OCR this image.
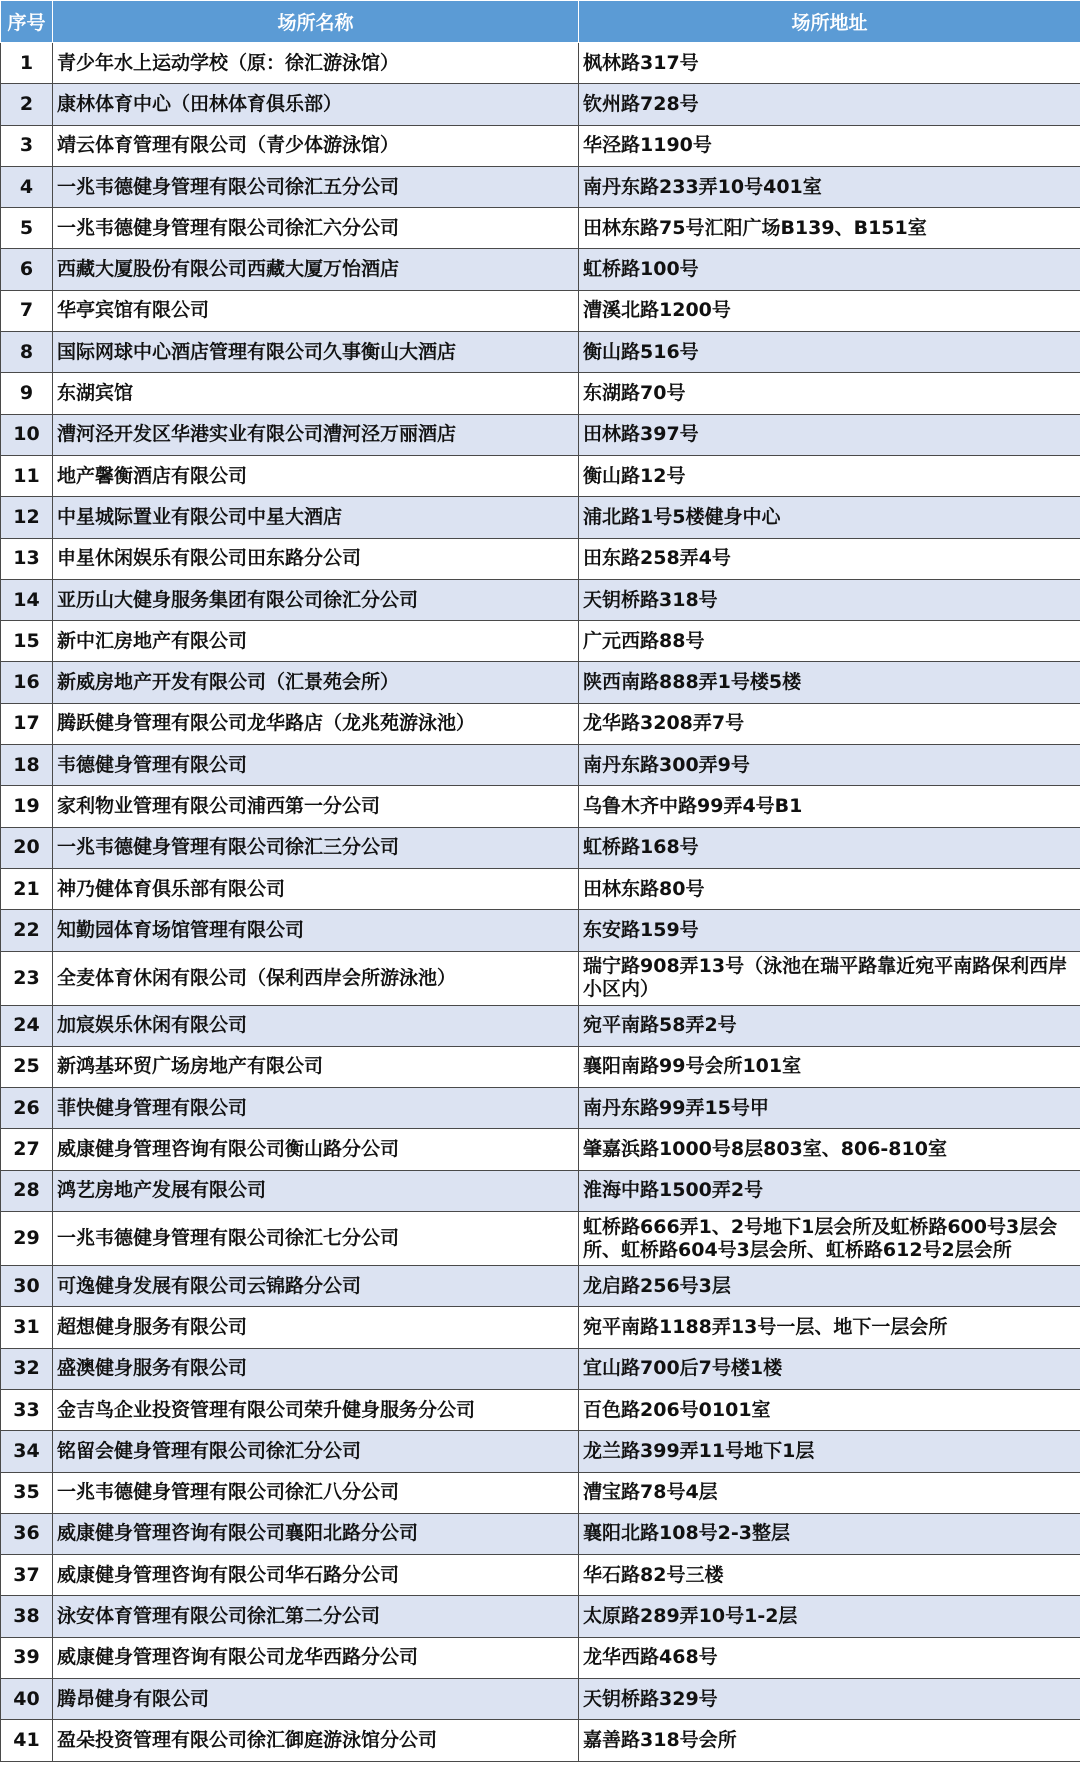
序号	场所名称	场所地址
1	青少年水上运动学校（原：徐汇游泳馆）	枫林路317号
2	康林体育中心（田林体育俱乐部）	钦州路728号
3	靖云体育管理有限公司（青少体游泳馆）	华泾路1190号
4	一兆韦德健身管理有限公司徐汇五分公司	南丹东路233弄10号401室
5	一兆韦德健身管理有限公司徐汇六分公司	田林东路75号汇阳广场B139、B151室
6	西藏大厦股份有限公司西藏大厦万怡酒店	虹桥路100号
7	华亭宾馆有限公司	漕溪北路1200号
8	国际网球中心酒店管理有限公司久事衡山大酒店	衡山路516号
9	东湖宾馆	东湖路70号
10	漕河泾开发区华港实业有限公司漕河泾万丽酒店	田林路397号
11	地产馨衡酒店有限公司	衡山路12号
12	中星城际置业有限公司中星大酒店	浦北路1号5楼健身中心
13	申星休闲娱乐有限公司田东路分公司	田东路258弄4号
14	亚历山大健身服务集团有限公司徐汇分公司	天钥桥路318号
15	新中汇房地产有限公司	广元西路88号
16	新威房地产开发有限公司（汇景苑会所）	陕西南路888弄1号楼5楼
17	腾跃健身管理有限公司龙华路店（龙兆苑游泳池）	龙华路3208弄7号
18	韦德健身管理有限公司	南丹东路300弄9号
19	家利物业管理有限公司浦西第一分公司	乌鲁木齐中路99弄4号B1
20	一兆韦德健身管理有限公司徐汇三分公司	虹桥路168号
21	神乃健体育俱乐部有限公司	田林东路80号
22	知勤园体育场馆管理有限公司	东安路159号
23	全麦体育休闲有限公司（保利西岸会所游泳池）	瑞宁路908弄13号（泳池在瑞平路靠近宛平南路保利西岸小区内）
24	加宸娱乐休闲有限公司	宛平南路58弄2号
25	新鸿基环贸广场房地产有限公司	襄阳南路99号会所101室
26	菲快健身管理有限公司	南丹东路99弄15号甲
27	威康健身管理咨询有限公司衡山路分公司	肇嘉浜路1000号8层803室、806-810室
28	鸿艺房地产发展有限公司	淮海中路1500弄2号
29	一兆韦德健身管理有限公司徐汇七分公司	虹桥路666弄1、2号地下1层会所及虹桥路600号3层会所、虹桥路604号3层会所、虹桥路612号2层会所
30	可逸健身发展有限公司云锦路分公司	龙启路256号3层
31	超想健身服务有限公司	宛平南路1188弄13号一层、地下一层会所
32	盛澳健身服务有限公司	宜山路700后7号楼1楼
33	金吉鸟企业投资管理有限公司荣升健身服务分公司	百色路206号0101室
34	铭留会健身管理有限公司徐汇分公司	龙兰路399弄11号地下1层
35	一兆韦德健身管理有限公司徐汇八分公司	漕宝路78号4层
36	威康健身管理咨询有限公司襄阳北路分公司	襄阳北路108号2-3整层
37	威康健身管理咨询有限公司华石路分公司	华石路82号三楼
38	泳安体育管理有限公司徐汇第二分公司	太原路289弄10号1-2层
39	威康健身管理咨询有限公司龙华西路分公司	龙华西路468号
40	腾昂健身有限公司	天钥桥路329号
41	盈朵投资管理有限公司徐汇御庭游泳馆分公司	嘉善路318号会所
